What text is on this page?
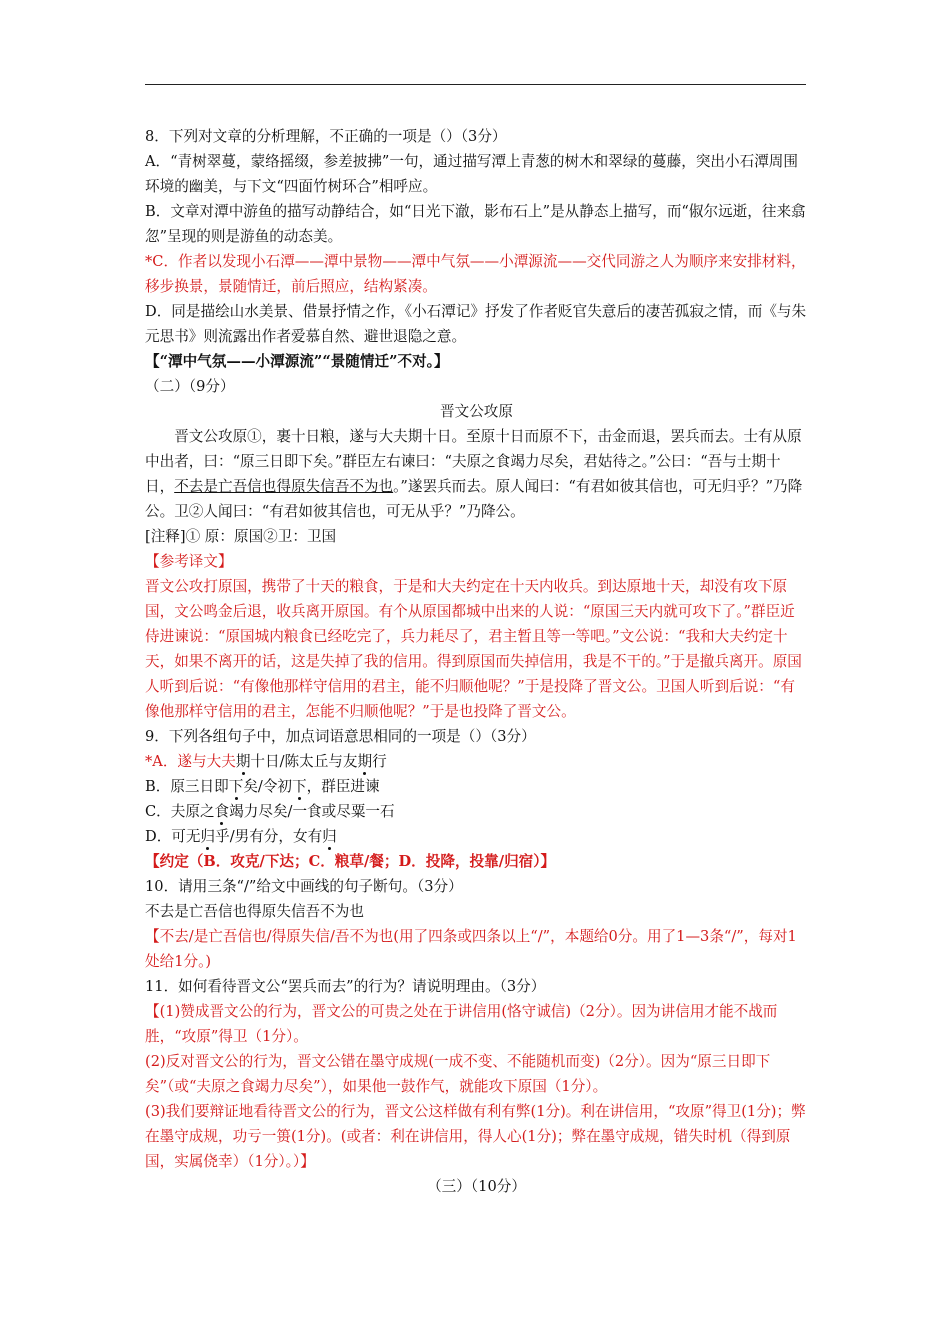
8．下列对文章的分析理解，不正确的一项是（）（3分）

A．“青树翠蔓，蒙络摇缀，参差披拂”一句，通过描写潭上青葱的树木和翠绿的蔓藤，突出小石潭周围环境的幽美，与下文“四面竹树环合”相呼应。

B．文章对潭中游鱼的描写动静结合，如“日光下澈，影布石上”是从静态上描写，而“俶尔远逝，往来翕忽”呈现的则是游鱼的动态美。

*C．作者以发现小石潭——潭中景物——潭中气氛——小潭源流——交代同游之人为顺序来安排材料，移步换景，景随情迁，前后照应，结构紧凑。

D．同是描绘山水美景、借景抒情之作，《小石潭记》抒发了作者贬官失意后的凄苦孤寂之情，而《与朱元思书》则流露出作者爱慕自然、避世退隐之意。

【“潭中气氛——小潭源流”“景随情迁”不对。】

（二）（9分）

晋文公攻原

晋文公攻原①，裹十日粮，遂与大夫期十日。至原十日而原不下，击金而退，罢兵而去。士有从原中出者，曰：“原三日即下矣。”群臣左右谏曰：“夫原之食竭力尽矣，君姑待之。”公曰：“吾与士期十日，不去是亡吾信也得原失信吾不为也。”遂罢兵而去。原人闻曰：“有君如彼其信也，可无归乎？”乃降公。卫②人闻曰：“有君如彼其信也，可无从乎？”乃降公。

[注释]① 原：原国②卫：卫国

【参考译文】

晋文公攻打原国，携带了十天的粮食，于是和大夫约定在十天内收兵。到达原地十天，却没有攻下原国，文公鸣金后退，收兵离开原国。有个从原国都城中出来的人说：“原国三天内就可攻下了。”群臣近侍进谏说：“原国城内粮食已经吃完了，兵力耗尽了，君主暂且等一等吧。”文公说：“我和大夫约定十天，如果不离开的话，这是失掉了我的信用。得到原国而失掉信用，我是不干的。”于是撤兵离开。原国人听到后说：“有像他那样守信用的君主，能不归顺他呢？”于是投降了晋文公。卫国人听到后说：“有像他那样守信用的君主，怎能不归顺他呢？”于是也投降了晋文公。

9．下列各组句子中，加点词语意思相同的一项是（）（3分）

*A．遂与大夫期十日/陈太丘与友期行

B．原三日即下矣/令初下，群臣进谏

C．夫原之食竭力尽矣/一食或尽粟一石

D．可无归乎/男有分，女有归

【约定（B．攻克/下达；C．粮草/餐；D．投降，投靠/归宿）】

10．请用三条“/”给文中画线的句子断句。（3分）

不去是亡吾信也得原失信吾不为也

【不去/是亡吾信也/得原失信/吾不为也(用了四条或四条以上“/”，本题给0分。用了1—3条“/”，每对1处给1分。)

11．如何看待晋文公“罢兵而去”的行为？请说明理由。（3分）

【(1)赞成晋文公的行为，晋文公的可贵之处在于讲信用(恪守诚信)（2分）。因为讲信用才能不战而胜，“攻原”得卫（1分）。

(2)反对晋文公的行为，晋文公错在墨守成规(一成不变、不能随机而变)（2分）。因为“原三日即下矣”（或“夫原之食竭力尽矣”），如果他一鼓作气，就能攻下原国（1分）。

(3)我们要辩证地看待晋文公的行为，晋文公这样做有利有弊(1分)。利在讲信用，“攻原”得卫(1分)；弊在墨守成规，功亏一篑(1分)。(或者：利在讲信用，得人心(1分)；弊在墨守成规，错失时机（得到原国，实属侥幸）（1分）。）】

（三）（10分）
